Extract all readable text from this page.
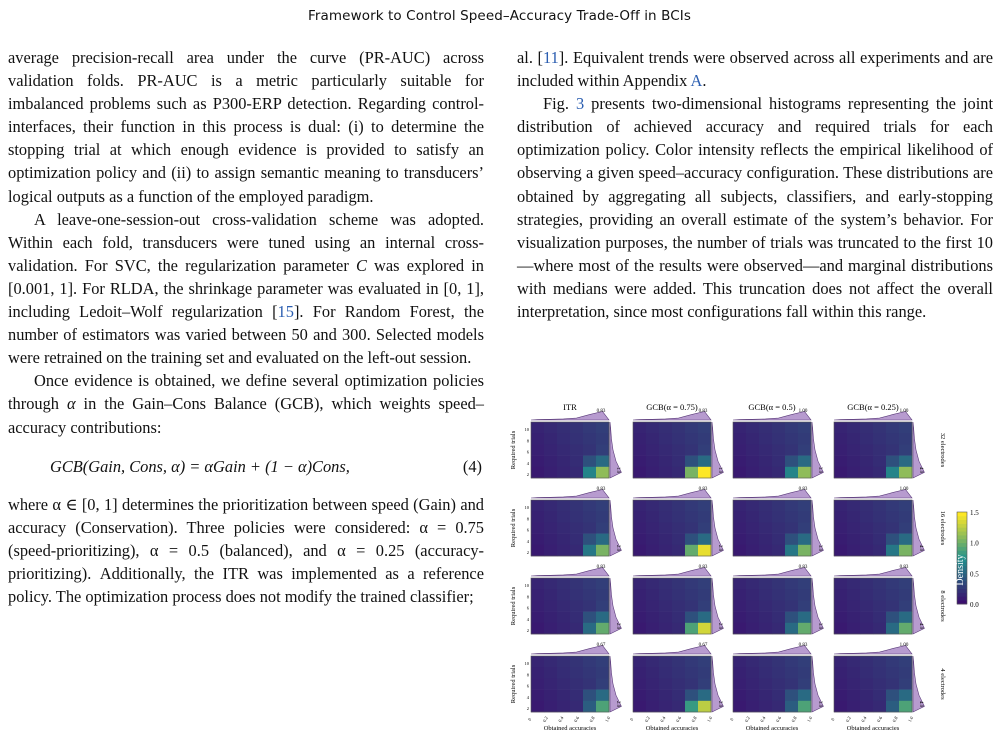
Framework to Control Speed–Accuracy Trade-Off in BCIs

average precision-recall area under the curve (PR-AUC) across validation folds. PR-AUC is a metric particularly suitable for imbalanced problems such as P300-ERP detection. Regarding control-interfaces, their function in this process is dual: (i) to determine the stopping trial at which enough evidence is provided to satisfy an optimization policy and (ii) to assign semantic meaning to transducers’ logical outputs as a function of the employed paradigm.

A leave-one-session-out cross-validation scheme was adopted. Within each fold, transducers were tuned using an internal cross-validation. For SVC, the regularization parameter C was explored in [0.001, 1]. For RLDA, the shrinkage parameter was evaluated in [0, 1], including Ledoit–Wolf regularization [15]. For Random Forest, the number of estimators was varied between 50 and 300. Selected models were retrained on the training set and evaluated on the left-out session.

Once evidence is obtained, we define several optimization policies through α in the Gain–Cons Balance (GCB), which weights speed–accuracy contributions:

GCB(Gain, Cons, α) = αGain + (1 − α)Cons,	(4)

where α ∈ [0, 1] determines the prioritization between speed (Gain) and accuracy (Conservation). Three policies were considered: α = 0.75 (speed-prioritizing), α = 0.5 (balanced), and α = 0.25 (accuracy-prioritizing). Additionally, the ITR was implemented as a reference policy. The optimization process does not modify the trained classifier;

al. [11]. Equivalent trends were observed across all experiments and are included within Appendix A.

Fig. 3 presents two-dimensional histograms representing the joint distribution of achieved accuracy and required trials for each optimization policy. Color intensity reflects the empirical likelihood of observing a given speed–accuracy configuration. These distributions are obtained by aggregating all subjects, classifiers, and early-stopping strategies, providing an overall estimate of the system’s behavior. For visualization purposes, the number of trials was truncated to the first 10—where most of the results were observed—and marginal distributions with medians were added. This truncation does not affect the overall interpretation, since most configurations fall within this range.

ITR	GCB(α = 0.75)	GCB(α = 0.5)	GCB(α = 0.25)
Required trials
0.83
1.0
2
4
6
8
10
0.83
1.0
1.00
3.0
1.00
4.0
32 electrodes
Required trials
0.83
2.0
2
4
6
8
10
0.83
2.0
0.83
3.0
1.00
4.0
16 electrodes
Required trials
0.83
2.0
2
4
6
8
10
0.83
2.0
0.83
3.0
0.83
4.0
8 electrodes
Required trials
0.67
2.0
2
4
6
8
10
0 0.2 0.4 0.6 0.8 1.0
Obtained accuracies
0.67
2.0
0 0.2 0.4 0.6 0.8 1.0
Obtained accuracies
0.83
3.0
0 0.2 0.4 0.6 0.8 1.0
Obtained accuracies
1.00
4.0
0 0.2 0.4 0.6 0.8 1.0
Obtained accuracies
4 electrodes
0.0
0.5
1.0
1.5
Density
